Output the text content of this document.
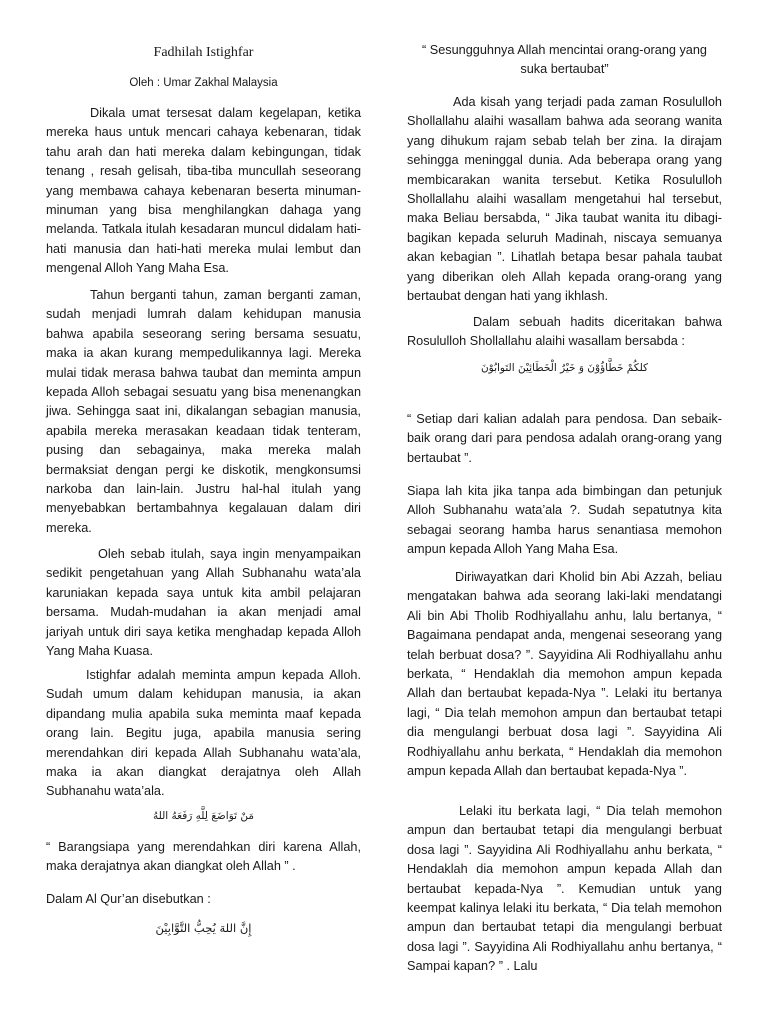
Fadhilah Istighfar

Oleh : Umar Zakhal Malaysia

Dikala umat tersesat dalam kegelapan, ketika mereka haus untuk mencari cahaya kebenaran, tidak tahu arah dan hati mereka dalam kebingungan, tidak tenang , resah gelisah, tiba-tiba muncullah seseorang yang membawa cahaya kebenaran beserta minuman-minuman yang bisa menghilangkan dahaga yang melanda. Tatkala itulah kesadaran muncul didalam hati-hati manusia dan hati-hati mereka mulai lembut dan mengenal Alloh Yang Maha Esa.

Tahun berganti tahun, zaman berganti zaman, sudah menjadi lumrah dalam kehidupan manusia bahwa apabila seseorang sering bersama sesuatu, maka ia akan kurang mempedulikannya lagi. Mereka mulai tidak merasa bahwa taubat dan meminta ampun kepada Alloh sebagai sesuatu yang bisa menenangkan jiwa. Sehingga saat ini, dikalangan sebagian manusia, apabila mereka merasakan keadaan tidak tenteram, pusing dan sebagainya, maka mereka malah bermaksiat dengan pergi ke diskotik, mengkonsumsi narkoba dan lain-lain. Justru hal-hal itulah yang menyebabkan bertambahnya kegalauan dalam diri mereka.

Oleh sebab itulah, saya ingin menyampaikan sedikit pengetahuan yang Allah Subhanahu wata’ala karuniakan kepada saya untuk kita ambil pelajaran bersama. Mudah-mudahan ia akan menjadi amal jariyah untuk diri saya ketika menghadap kepada Alloh Yang Maha Kuasa.

Istighfar adalah meminta ampun kepada Alloh. Sudah umum dalam kehidupan manusia, ia akan dipandang mulia apabila suka meminta maaf kepada orang lain. Begitu juga, apabila manusia sering merendahkan diri kepada Allah Subhanahu wata’ala, maka ia akan diangkat derajatnya oleh Allah Subhanahu wata’ala.

مَنْ تَوَاضَعَ لِلَّهِ رَفَعَهُ اللهُ

“ Barangsiapa yang merendahkan diri karena Allah, maka derajatnya akan diangkat oleh Allah ” .

Dalam Al Qur’an disebutkan :

إِنَّ اللهَ يُحِبُّ التَّوَّابِيْنَ

“ Sesungguhnya Allah mencintai orang-orang yang suka bertaubat”

Ada kisah yang terjadi pada zaman Rosululloh Shollallahu alaihi wasallam bahwa ada seorang wanita yang dihukum rajam sebab telah ber zina. Ia dirajam sehingga meninggal dunia. Ada beberapa orang yang membicarakan wanita tersebut. Ketika Rosululloh Shollallahu alaihi wasallam mengetahui hal tersebut, maka Beliau bersabda, “ Jika taubat wanita itu dibagi-bagikan kepada seluruh Madinah, niscaya semuanya akan kebagian ”. Lihatlah betapa besar pahala taubat yang diberikan oleh Allah kepada orang-orang yang bertaubat dengan hati yang ikhlash.

Dalam sebuah hadits diceritakan bahwa Rosululloh Shollallahu alaihi wasallam bersabda :

كلكُمْ خَطَّاؤُوْنَ وَ خَيْرُ الْخَطَائِيْنَ التَوابُوْنَ

“ Setiap dari kalian adalah para pendosa. Dan sebaik-baik orang dari para pendosa adalah orang-orang yang bertaubat ”.

Siapa lah kita jika tanpa ada bimbingan dan petunjuk Alloh Subhanahu wata’ala ?. Sudah sepatutnya kita sebagai seorang hamba harus senantiasa memohon ampun kepada Alloh Yang Maha Esa.

Diriwayatkan dari Kholid bin Abi Azzah, beliau mengatakan bahwa ada seorang laki-laki mendatangi Ali bin Abi Tholib Rodhiyallahu anhu, lalu bertanya, “ Bagaimana pendapat anda, mengenai seseorang yang telah berbuat dosa? ”. Sayyidina Ali Rodhiyallahu anhu berkata, “ Hendaklah dia memohon ampun kepada Allah dan bertaubat kepada-Nya ”. Lelaki itu bertanya lagi, “ Dia telah memohon ampun dan bertaubat tetapi dia mengulangi berbuat dosa lagi ”. Sayyidina Ali Rodhiyallahu anhu berkata, “ Hendaklah dia memohon ampun kepada Allah dan bertaubat kepada-Nya ”.

Lelaki itu berkata lagi, “ Dia telah memohon ampun dan bertaubat tetapi dia mengulangi berbuat dosa lagi ”. Sayyidina Ali Rodhiyallahu anhu berkata, “ Hendaklah dia memohon ampun kepada Allah dan bertaubat kepada-Nya ”. Kemudian untuk yang keempat kalinya lelaki itu berkata, “ Dia telah memohon ampun dan bertaubat tetapi dia mengulangi berbuat dosa lagi ”. Sayyidina Ali Rodhiyallahu anhu bertanya, “ Sampai kapan? ” . Lalu
